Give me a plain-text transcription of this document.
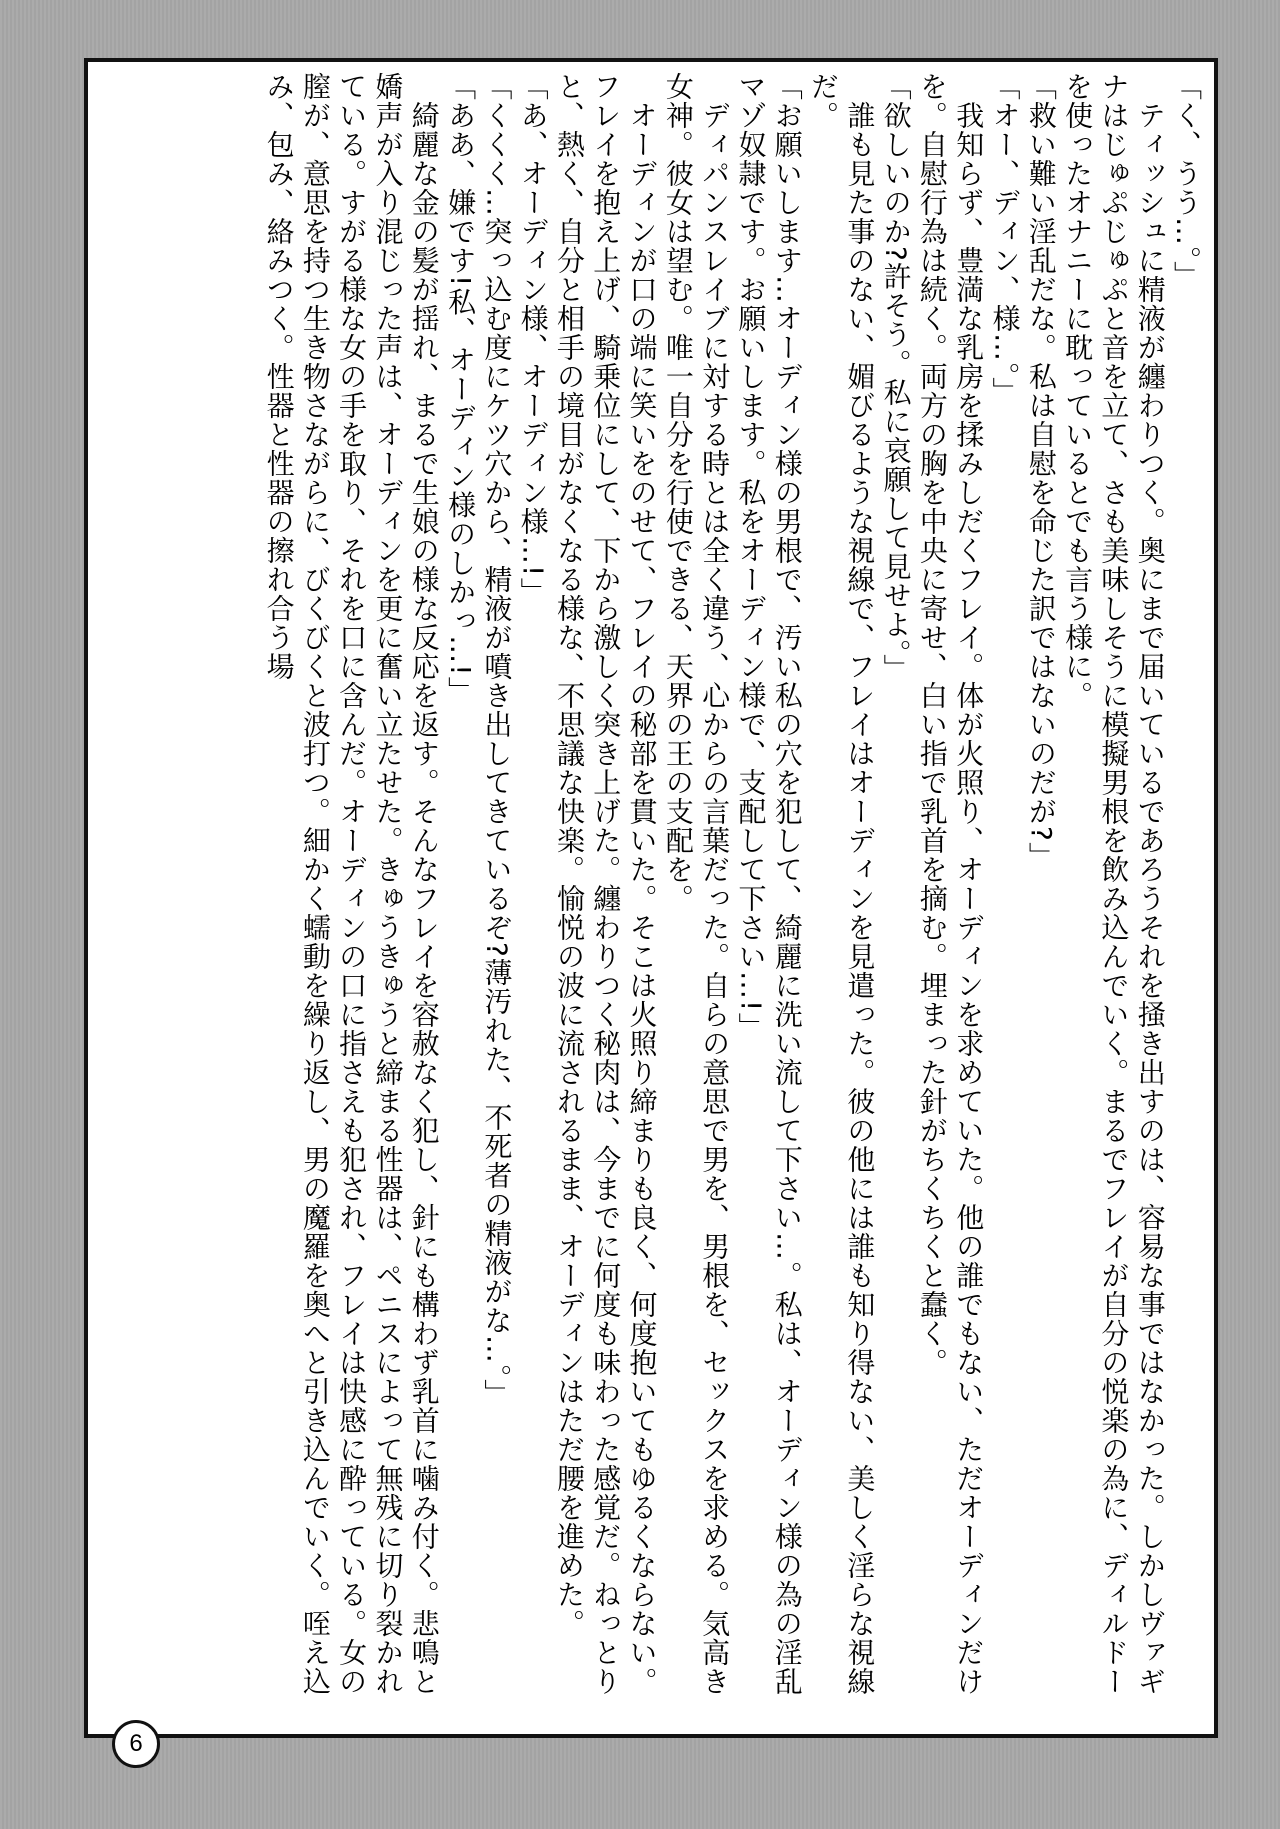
「く、うう…。」

　ティッシュに精液が纏わりつく。奥にまで届いているであろうそれを掻き出すのは、容易な事ではなかった。しかしヴァギナはじゅぷじゅぷと音を立て、さも美味しそうに模擬男根を飲み込んでいく。まるでフレイが自分の悦楽の為に、ディルドーを使ったオナニーに耽っているとでも言う様に。

「救い難い淫乱だな。私は自慰を命じた訳ではないのだが?」

「オー、ディン、様…。」

　我知らず、豊満な乳房を揉みしだくフレイ。体が火照り、オーディンを求めていた。他の誰でもない、ただオーディンだけを。自慰行為は続く。両方の胸を中央に寄せ、白い指で乳首を摘む。埋まった針がちくちくと蠢く。

「欲しいのか?許そう。私に哀願して見せよ。」

　誰も見た事のない、媚びるような視線で、フレイはオーディンを見遣った。彼の他には誰も知り得ない、美しく淫らな視線だ。

「お願いします…オーディン様の男根で、汚い私の穴を犯して、綺麗に洗い流して下さい…。私は、オーディン様の為の淫乱マゾ奴隷です。お願いします。私をオーディン様で、支配して下さい…!」

　ディパンスレイブに対する時とは全く違う、心からの言葉だった。自らの意思で男を、男根を、セックスを求める。気高き女神。彼女は望む。唯一自分を行使できる、天界の王の支配を。

　オーディンが口の端に笑いをのせて、フレイの秘部を貫いた。そこは火照り締まりも良く、何度抱いてもゆるくならない。フレイを抱え上げ、騎乗位にして、下から激しく突き上げた。纏わりつく秘肉は、今までに何度も味わった感覚だ。ねっとりと、熱く、自分と相手の境目がなくなる様な、不思議な快楽。愉悦の波に流されるまま、オーディンはただ腰を進めた。

「あ、オーディン様、オーディン様…!」

「くくく…突っ込む度にケツ穴から、精液が噴き出してきているぞ?薄汚れた、不死者の精液がな…。」

「ああ、嫌です!私、オーディン様のしかっ…!」

　綺麗な金の髪が揺れ、まるで生娘の様な反応を返す。そんなフレイを容赦なく犯し、針にも構わず乳首に噛み付く。悲鳴と嬌声が入り混じった声は、オーディンを更に奮い立たせた。きゅうきゅうと締まる性器は、ペニスによって無残に切り裂かれている。すがる様な女の手を取り、それを口に含んだ。オーディンの口に指さえも犯され、フレイは快感に酔っている。女の膣が、意思を持つ生き物さながらに、びくびくと波打つ。細かく蠕動を繰り返し、男の魔羅を奥へと引き込んでいく。咥え込み、包み、絡みつく。性器と性器の擦れ合う場

6
